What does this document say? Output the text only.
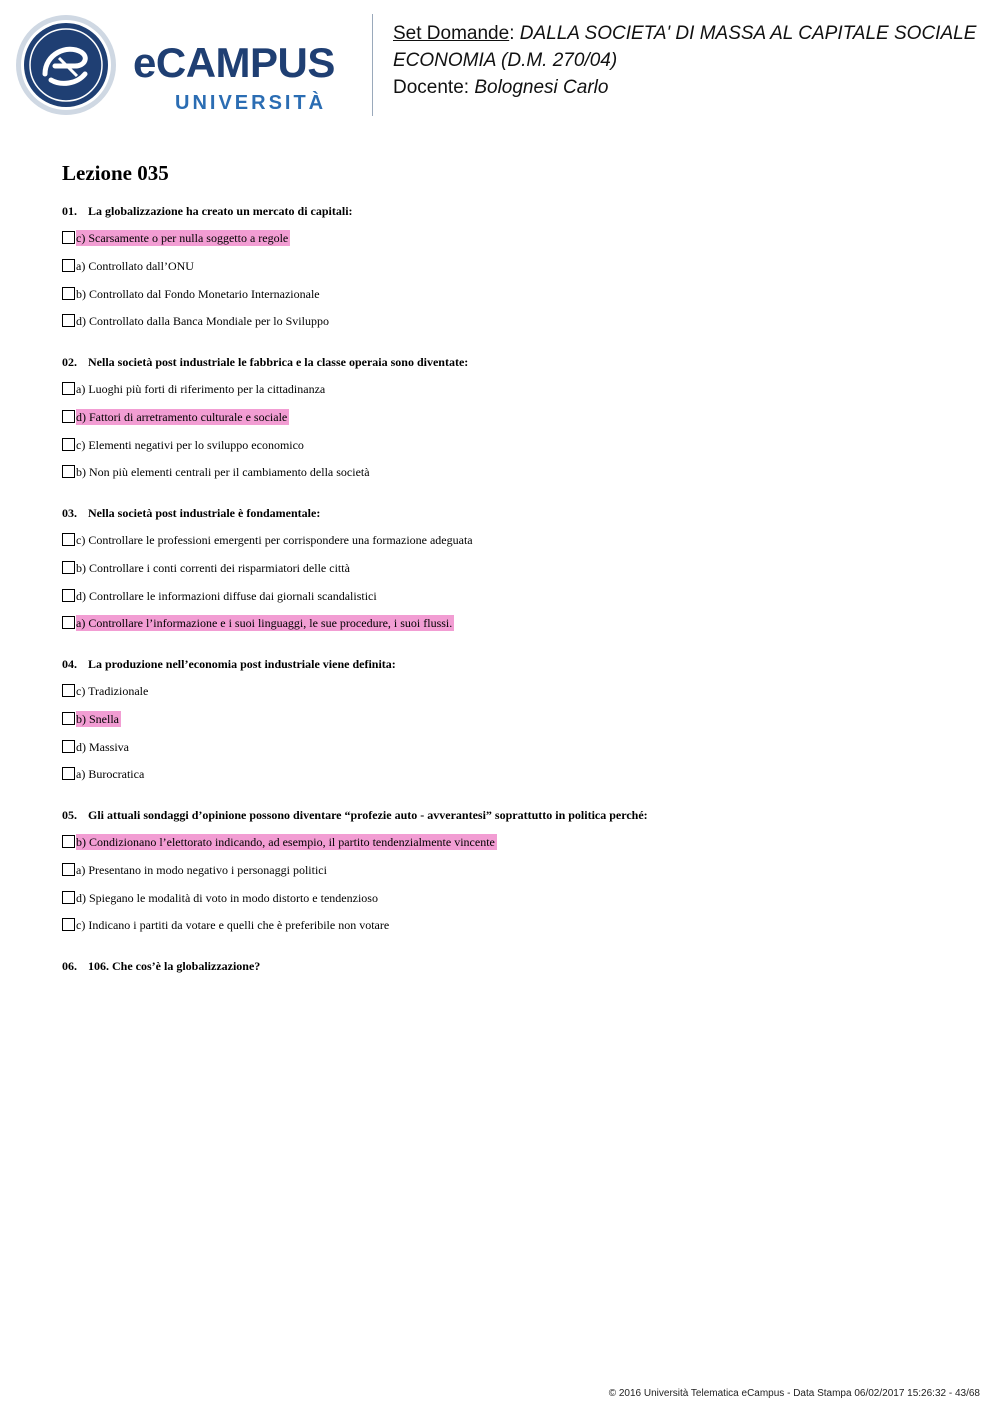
eCAMPUS
UNIVERSITÀ
Set Domande: DALLA SOCIETA' DI MASSA AL CAPITALE SOCIALE
ECONOMIA (D.M. 270/04)
Docente: Bolognesi Carlo
Lezione 035
01. La globalizzazione ha creato un mercato di capitali:
c) Scarsamente o per nulla soggetto a regole
a) Controllato dall’ONU
b) Controllato dal Fondo Monetario Internazionale
d) Controllato dalla Banca Mondiale per lo Sviluppo
02. Nella società post industriale le fabbrica e la classe operaia sono diventate:
a) Luoghi più forti di riferimento per la cittadinanza
d) Fattori di arretramento culturale e sociale
c) Elementi negativi per lo sviluppo economico
b) Non più elementi centrali per il cambiamento della società
03. Nella società post industriale è fondamentale:
c) Controllare le professioni emergenti per corrispondere una formazione adeguata
b) Controllare i conti correnti dei risparmiatori delle città
d) Controllare le informazioni diffuse dai giornali scandalistici
a) Controllare l’informazione e i suoi linguaggi, le sue procedure, i suoi flussi.
04. La produzione nell’economia post industriale viene definita:
c) Tradizionale
b) Snella
d) Massiva
a) Burocratica
05. Gli attuali sondaggi d’opinione possono diventare “profezie auto - avverantesi” soprattutto in politica perché:
b) Condizionano l’elettorato indicando, ad esempio, il partito tendenzialmente vincente
a) Presentano in modo negativo i personaggi politici
d) Spiegano le modalità di voto in modo distorto e tendenzioso
c) Indicano i partiti da votare e quelli che è preferibile non votare
06. 106. Che cos’è la globalizzazione?
© 2016 Università Telematica eCampus - Data Stampa 06/02/2017 15:26:32 - 43/68
